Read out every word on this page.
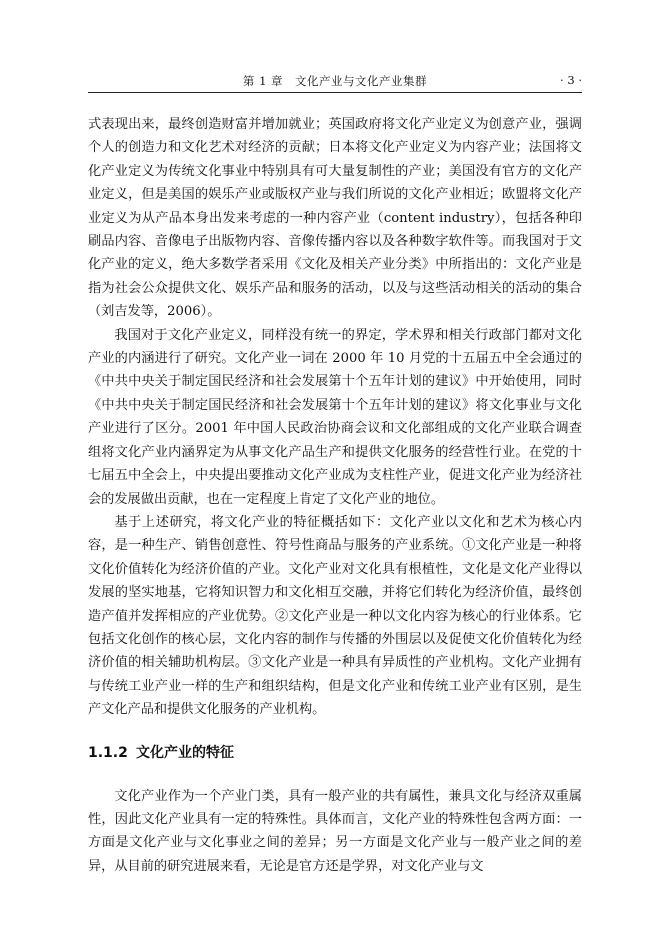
第 1 章　文化产业与文化产业集群	· 3 ·

式表现出来，最终创造财富并增加就业；英国政府将文化产业定义为创意产业，强调个人的创造力和文化艺术对经济的贡献；日本将文化产业定义为内容产业；法国将文化产业定义为传统文化事业中特别具有可大量复制性的产业；美国没有官方的文化产业定义，但是美国的娱乐产业或版权产业与我们所说的文化产业相近；欧盟将文化产业定义为从产品本身出发来考虑的一种内容产业（content industry），包括各种印刷品内容、音像电子出版物内容、音像传播内容以及各种数字软件等。而我国对于文化产业的定义，绝大多数学者采用《文化及相关产业分类》中所指出的：文化产业是指为社会公众提供文化、娱乐产品和服务的活动，以及与这些活动相关的活动的集合（刘吉发等，2006）。

我国对于文化产业定义，同样没有统一的界定，学术界和相关行政部门都对文化产业的内涵进行了研究。文化产业一词在 2000 年 10 月党的十五届五中全会通过的《中共中央关于制定国民经济和社会发展第十个五年计划的建议》中开始使用，同时《中共中央关于制定国民经济和社会发展第十个五年计划的建议》将文化事业与文化产业进行了区分。2001 年中国人民政治协商会议和文化部组成的文化产业联合调查组将文化产业内涵界定为从事文化产品生产和提供文化服务的经营性行业。在党的十七届五中全会上，中央提出要推动文化产业成为支柱性产业，促进文化产业为经济社会的发展做出贡献，也在一定程度上肯定了文化产业的地位。

基于上述研究，将文化产业的特征概括如下：文化产业以文化和艺术为核心内容，是一种生产、销售创意性、符号性商品与服务的产业系统。①文化产业是一种将文化价值转化为经济价值的产业。文化产业对文化具有根植性，文化是文化产业得以发展的坚实地基，它将知识智力和文化相互交融，并将它们转化为经济价值，最终创造产值并发挥相应的产业优势。②文化产业是一种以文化内容为核心的行业体系。它包括文化创作的核心层，文化内容的制作与传播的外围层以及促使文化价值转化为经济价值的相关辅助机构层。③文化产业是一种具有异质性的产业机构。文化产业拥有与传统工业产业一样的生产和组织结构，但是文化产业和传统工业产业有区别，是生产文化产品和提供文化服务的产业机构。

1.1.2 文化产业的特征

文化产业作为一个产业门类，具有一般产业的共有属性，兼具文化与经济双重属性，因此文化产业具有一定的特殊性。具体而言，文化产业的特殊性包含两方面：一方面是文化产业与文化事业之间的差异；另一方面是文化产业与一般产业之间的差异，从目前的研究进展来看，无论是官方还是学界，对文化产业与文
